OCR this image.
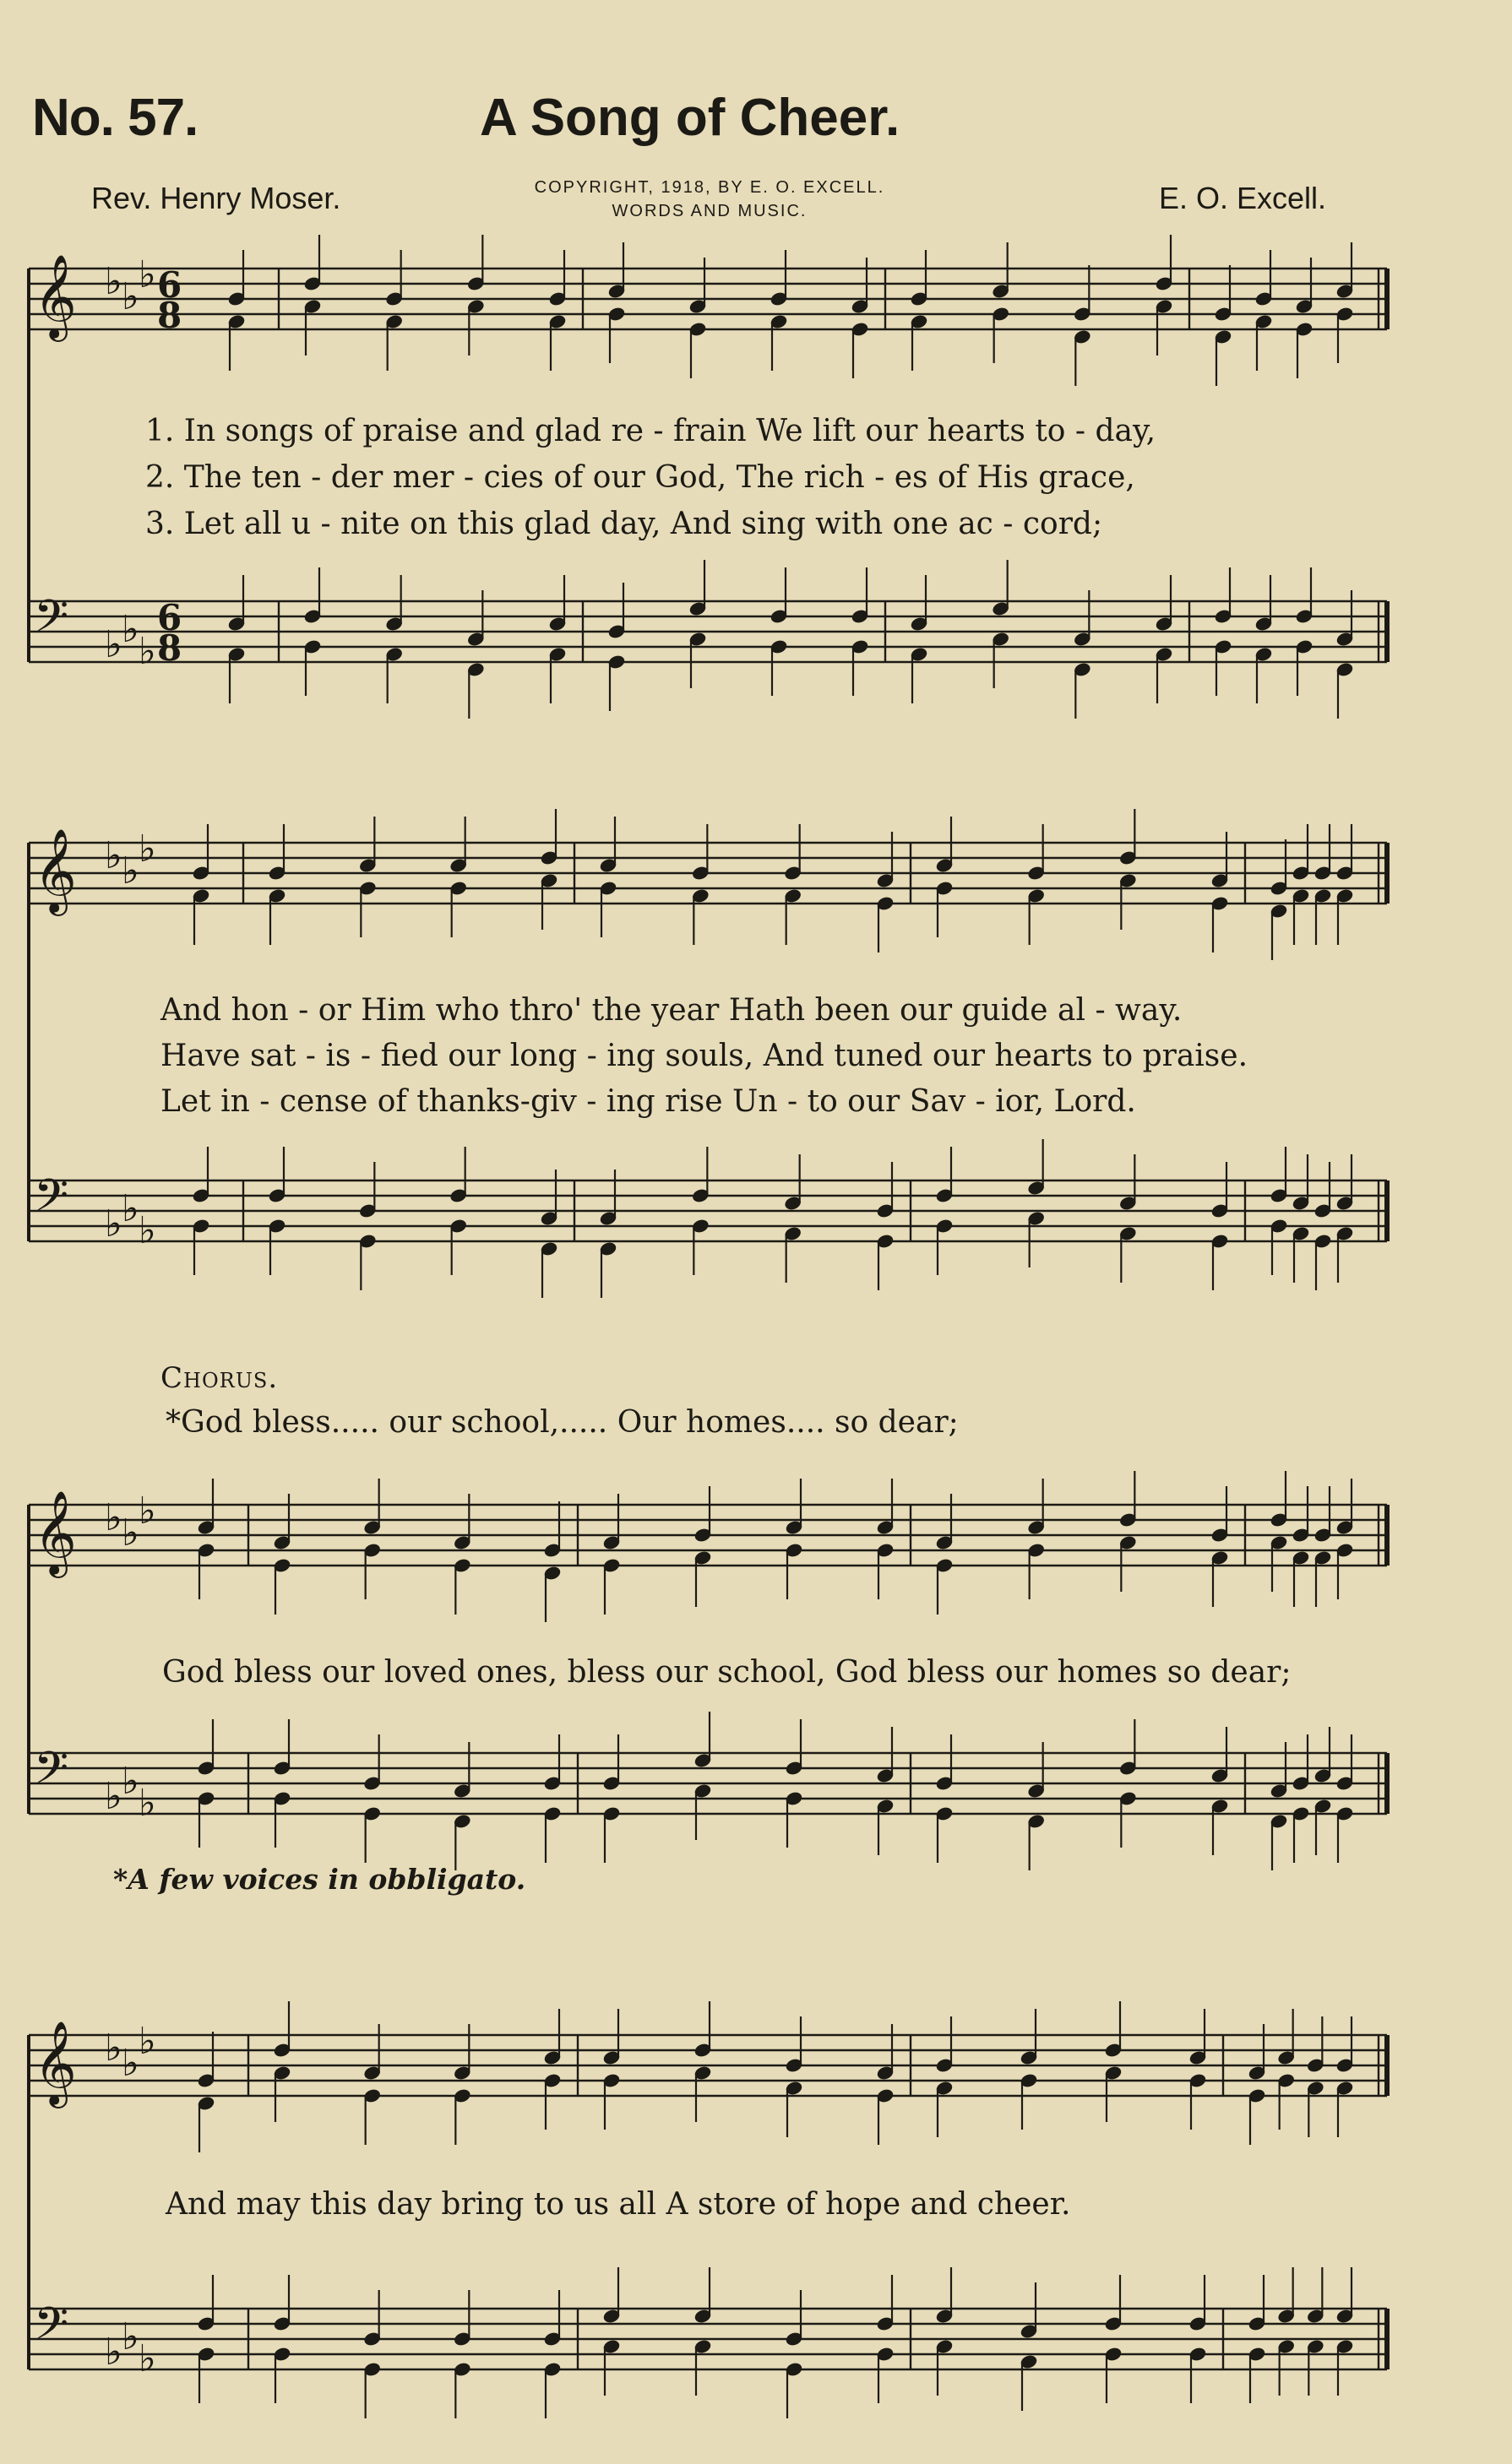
No. 57.	A Song of Cheer.
Rev. Henry Moser.	COPYRIGHT, 1918, BY E. O. EXCELL.
WORDS AND MUSIC.	E. O. Excell.
𝄞
𝄢
♭ ♭
♭
♭ ♭
♭
6
8
6
8
𝄞
𝄢
♭ ♭
♭
♭ ♭
♭
𝄞
𝄢
♭ ♭
♭
♭ ♭
♭
𝄞
𝄢
♭ ♭
♭
♭ ♭
♭
1. In songs of praise and glad re - frain We lift our hearts to - day,
2. The ten - der mer - cies of our God, The rich - es of His grace,
3. Let all u - nite on this glad day, And sing with one ac - cord;
And hon - or Him who thro' the year Hath been our guide al - way.
Have sat - is - fied our long - ing souls, And tuned our hearts to praise.
Let in - cense of thanks-giv - ing rise Un - to our Sav - ior, Lord.
Chorus.
*God bless..... our school,..... Our homes.... so dear;
God bless our loved ones, bless our school, God bless our homes so dear;
*A few voices in obbligato.
And may this day bring to us all A store of hope and cheer.
